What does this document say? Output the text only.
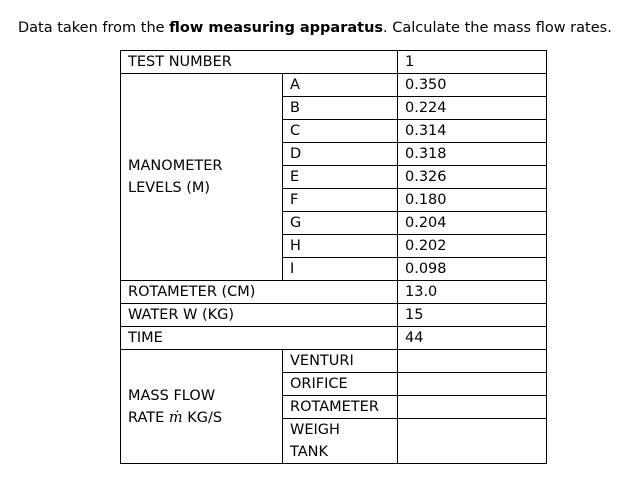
Data taken from the flow measuring apparatus. Calculate the mass flow rates.
TEST NUMBER		1
MANOMETER
LEVELS (M)	A	0.350
	B	0.224
	C	0.314
	D	0.318
	E	0.326
	F	0.180
	G	0.204
	H	0.202
	I	0.098
ROTAMETER (CM)		13.0
WATER W (KG)		15
TIME		44
MASS FLOW
RATE ṁ KG/S	VENTURI	
	ORIFICE	
	ROTAMETER	
	WEIGH
TANK	
